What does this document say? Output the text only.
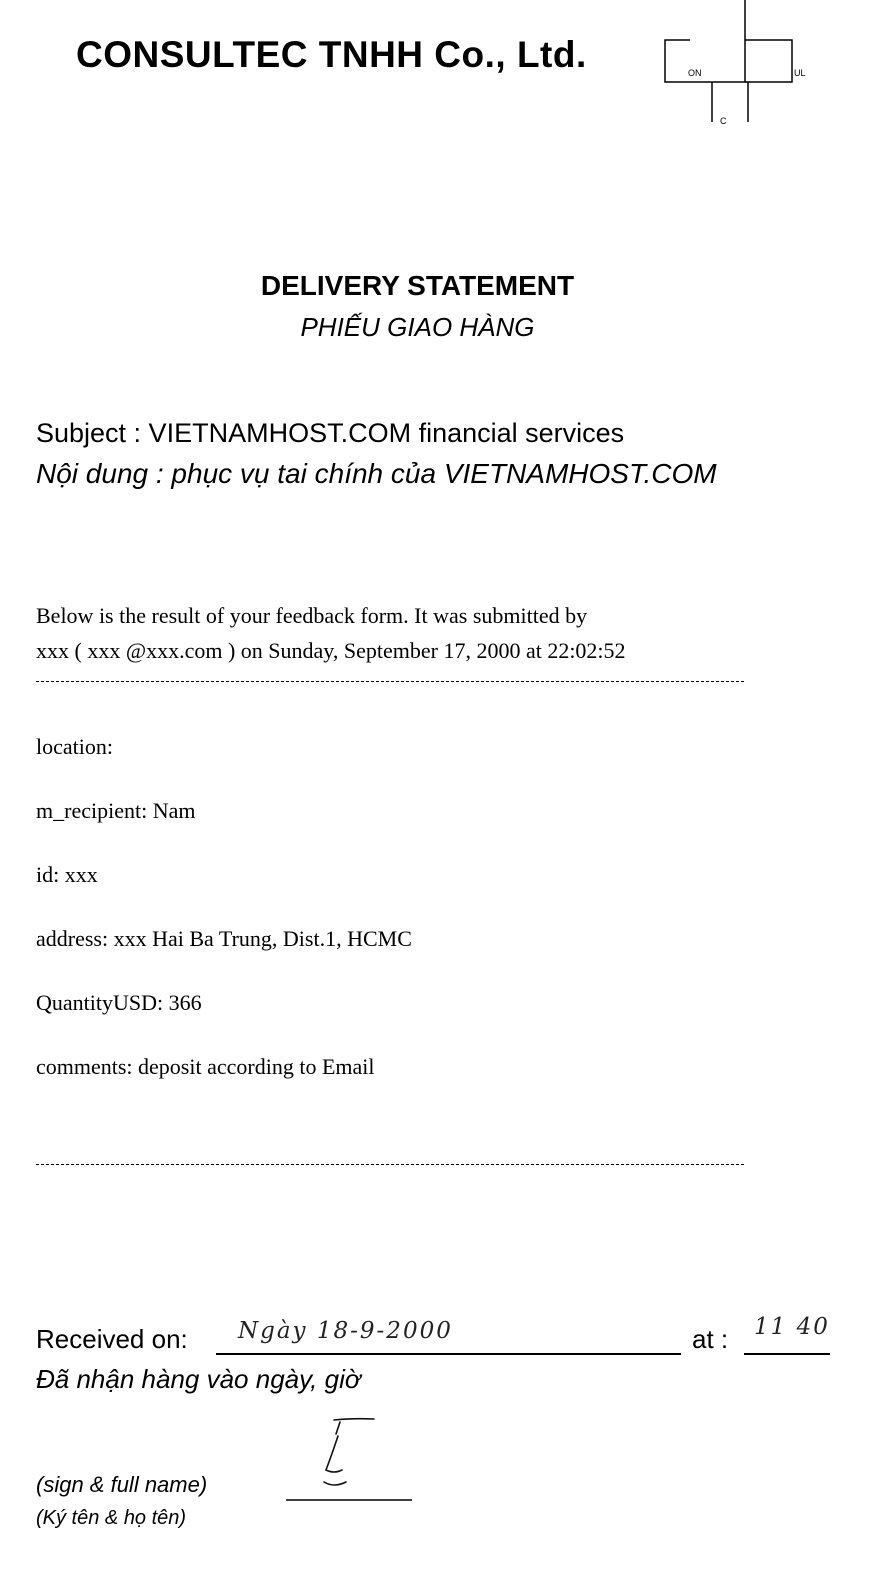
CONSULTEC TNHH Co., Ltd.	ON	UL
C
DELIVERY STATEMENT
PHIẾU GIAO HÀNG
Subject : VIETNAMHOST.COM financial services
Nội dung : phục vụ tai chính của VIETNAMHOST.COM
Below is the result of your feedback form. It was submitted by
xxx ( xxx @xxx.com ) on Sunday, September 17, 2000 at 22:02:52
location:
m_recipient: Nam
id: xxx
address: xxx Hai Ba Trung, Dist.1, HCMC
QuantityUSD: 366
comments: deposit according to Email
Received on: Ngày 18-9-2000	at : 11 40
Đã nhận hàng vào ngày, giờ
(sign & full name)
(Ký tên & họ tên)
